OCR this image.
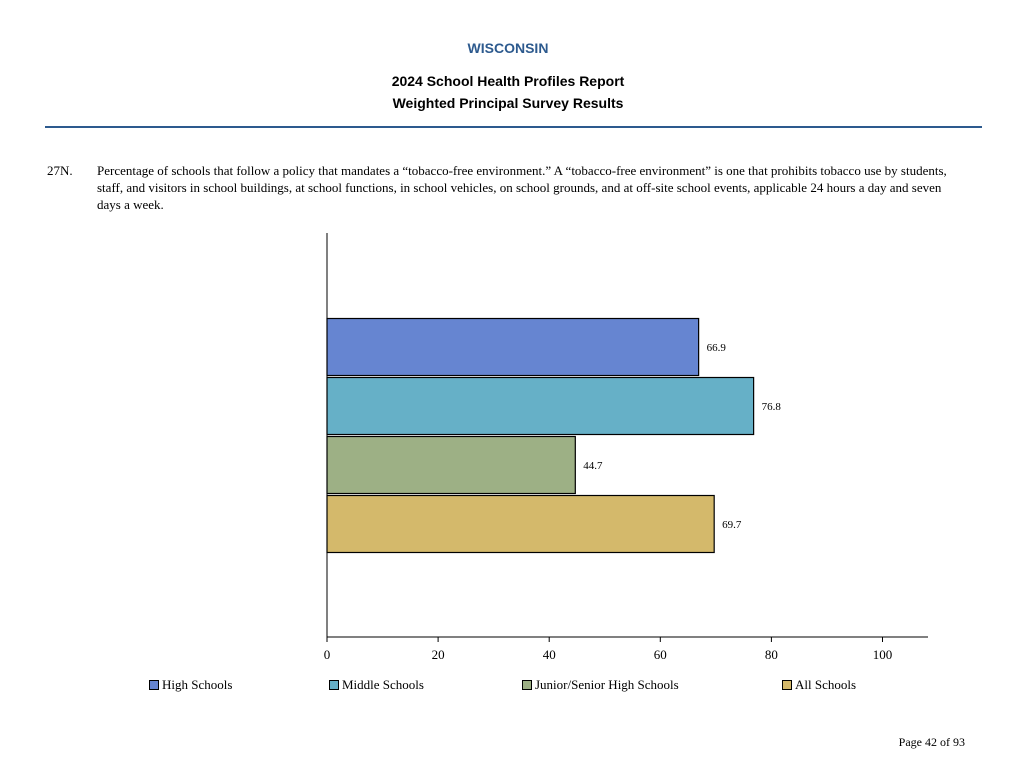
WISCONSIN
2024 School Health Profiles Report
Weighted Principal Survey Results
27N. Percentage of schools that follow a policy that mandates a “tobacco-free environment.” A “tobacco-free environment” is one that prohibits tobacco use by students, staff, and visitors in school buildings, at school functions, in school vehicles, on school grounds, and at off-site school events, applicable 24 hours a day and seven days a week.
66.9
76.8
44.7
69.7
0	20	40	60	80	100
High Schools	Middle Schools	Junior/Senior High Schools	All Schools
Page 42 of 93
